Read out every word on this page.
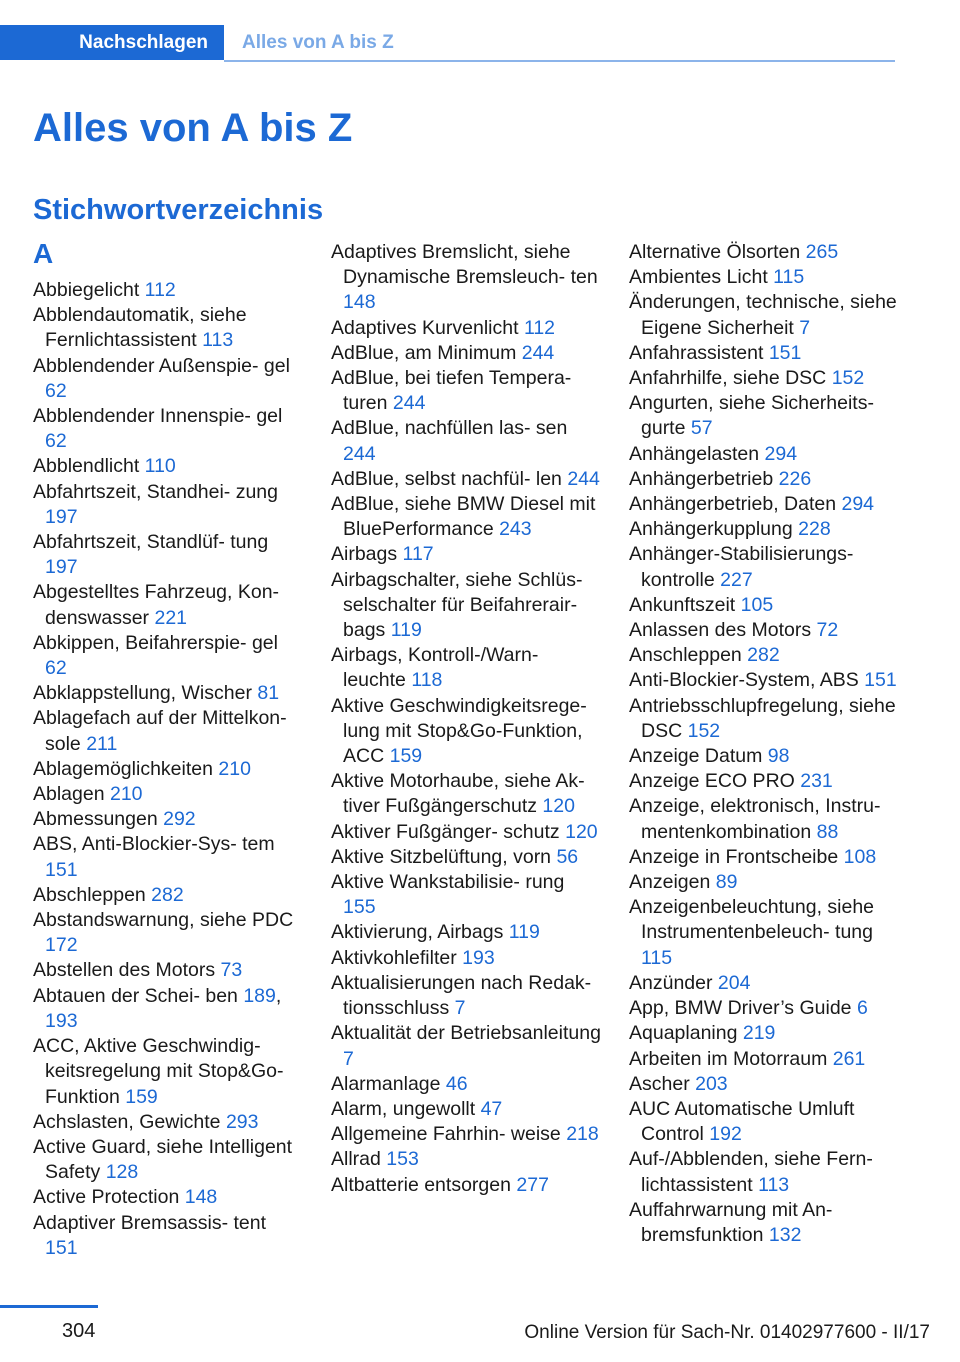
Nachschlagen	Alles von A bis Z
Alles von A bis Z
Stichwortverzeichnis
A

Abbiegelicht 112

Abblendautomatik, siehe Fernlichtassistent 113

Abblendender Außenspie‐ gel 62

Abblendender Innenspie‐ gel 62

Abblendlicht 110

Abfahrtszeit, Standhei‐ zung 197

Abfahrtszeit, Standlüf‐ tung 197

Abgestelltes Fahrzeug, Kon‐ denswasser 221

Abkippen, Beifahrerspie‐ gel 62

Abklappstellung, Wischer 81

Ablagefach auf der Mittelkon‐ sole 211

Ablagemöglichkeiten 210

Ablagen 210

Abmessungen 292

ABS, Anti-Blockier-Sys‐ tem 151

Abschleppen 282

Abstandswarnung, siehe PDC 172

Abstellen des Motors 73

Abtauen der Schei‐ ben 189, 193

ACC, Aktive Geschwindig‐ keitsregelung mit Stop&Go- Funktion 159

Achslasten, Gewichte 293

Active Guard, siehe Intelligent Safety 128

Active Protection 148

Adaptiver Bremsassis‐ tent 151

Adaptives Bremslicht, siehe Dynamische Bremsleuch‐ ten 148

Adaptives Kurvenlicht 112

AdBlue, am Minimum 244

AdBlue, bei tiefen Tempera‐ turen 244

AdBlue, nachfüllen las‐ sen 244

AdBlue, selbst nachfül‐ len 244

AdBlue, siehe BMW Diesel mit BluePerformance 243

Airbags 117

Airbagschalter, siehe Schlüs‐ selschalter für Beifahrerair‐ bags 119

Airbags, Kontroll-/Warn‐ leuchte 118

Aktive Geschwindigkeitsrege‐ lung mit Stop&Go-Funktion, ACC 159

Aktive Motorhaube, siehe Ak‐ tiver Fußgängerschutz 120

Aktiver Fußgänger‐ schutz 120

Aktive Sitzbelüftung, vorn 56

Aktive Wankstabilisie‐ rung 155

Aktivierung, Airbags 119

Aktivkohlefilter 193

Aktualisierungen nach Redak‐ tionsschluss 7

Aktualität der Betriebsanleitung 7

Alarmanlage 46

Alarm, ungewollt 47

Allgemeine Fahrhin‐ weise 218

Allrad 153

Altbatterie entsorgen 277

Alternative Ölsorten 265

Ambientes Licht 115

Änderungen, technische, siehe Eigene Sicherheit 7

Anfahrassistent 151

Anfahrhilfe, siehe DSC 152

Angurten, siehe Sicherheits‐ gurte 57

Anhängelasten 294

Anhängerbetrieb 226

Anhängerbetrieb, Daten 294

Anhängerkupplung 228

Anhänger-Stabilisierungs‐ kontrolle 227

Ankunftszeit 105

Anlassen des Motors 72

Anschleppen 282

Anti-Blockier-System, ABS 151

Antriebsschlupfregelung, siehe DSC 152

Anzeige Datum 98

Anzeige ECO PRO 231

Anzeige, elektronisch, Instru‐ mentenkombination 88

Anzeige in Frontscheibe 108

Anzeigen 89

Anzeigenbeleuchtung, siehe Instrumentenbeleuch‐ tung 115

Anzünder 204

App, BMW Driver’s Guide 6

Aquaplaning 219

Arbeiten im Motorraum 261

Ascher 203

AUC Automatische Umluft Control 192

Auf-/Abblenden, siehe Fern‐ lichtassistent 113

Auffahrwarnung mit An‐ bremsfunktion 132

304	Online Version für Sach-Nr. 01402977600 - II/17
